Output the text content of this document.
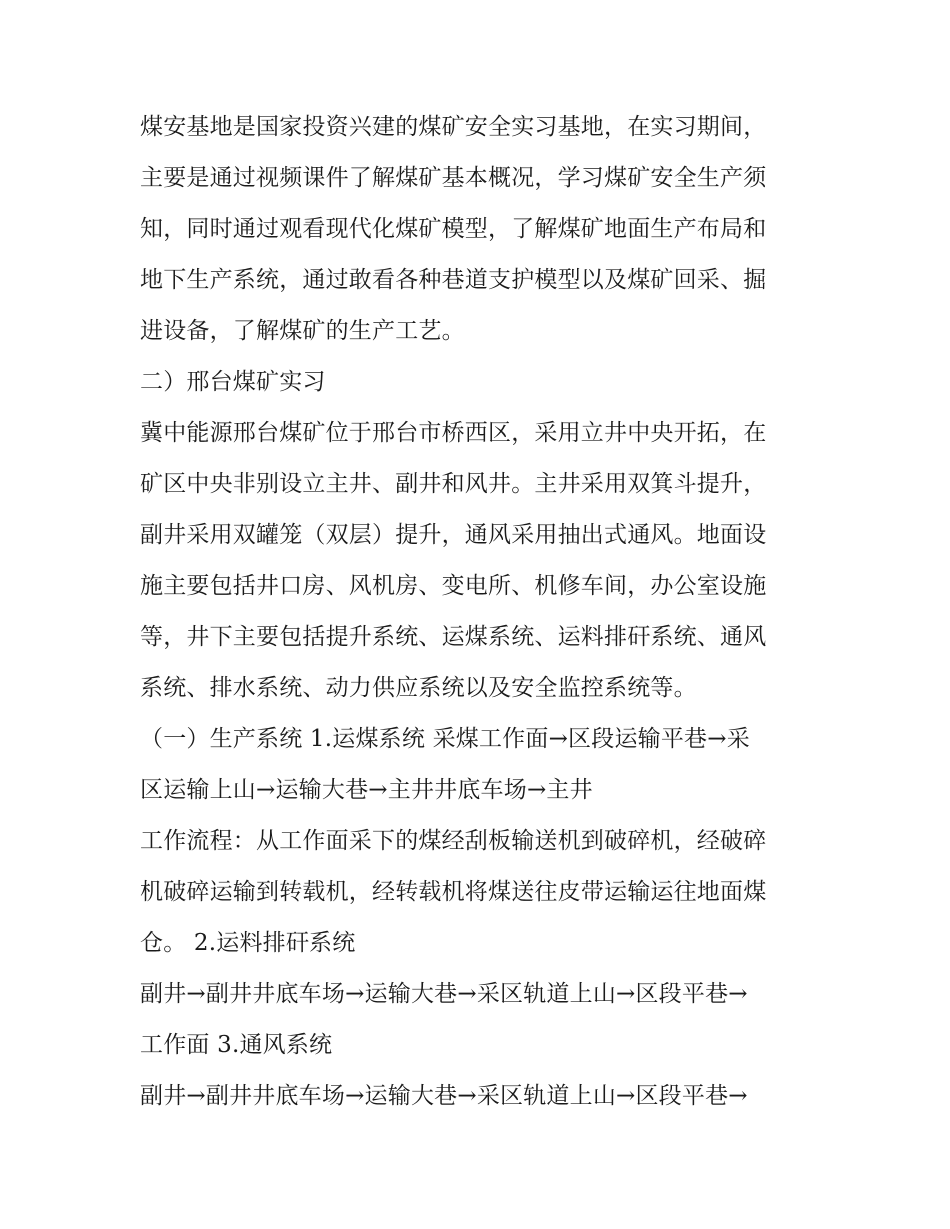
煤安基地是国家投资兴建的煤矿安全实习基地，在实习期间，
主要是通过视频课件了解煤矿基本概况，学习煤矿安全生产须
知，同时通过观看现代化煤矿模型，了解煤矿地面生产布局和
地下生产系统，通过敢看各种巷道支护模型以及煤矿回采、掘
进设备，了解煤矿的生产工艺。
二）邢台煤矿实习
冀中能源邢台煤矿位于邢台市桥西区，采用立井中央开拓，在
矿区中央非别设立主井、副井和风井。主井采用双箕斗提升，
副井采用双罐笼（双层）提升，通风采用抽出式通风。地面设
施主要包括井口房、风机房、变电所、机修车间，办公室设施
等，井下主要包括提升系统、运煤系统、运料排矸系统、通风
系统、排水系统、动力供应系统以及安全监控系统等。
（一）生产系统 1.运煤系统 采煤工作面→区段运输平巷→采
区运输上山→运输大巷→主井井底车场→主井
工作流程：从工作面采下的煤经刮板输送机到破碎机，经破碎
机破碎运输到转载机，经转载机将煤送往皮带运输运往地面煤
仓。 2.运料排矸系统
副井→副井井底车场→运输大巷→采区轨道上山→区段平巷→
工作面 3.通风系统
副井→副井井底车场→运输大巷→采区轨道上山→区段平巷→
